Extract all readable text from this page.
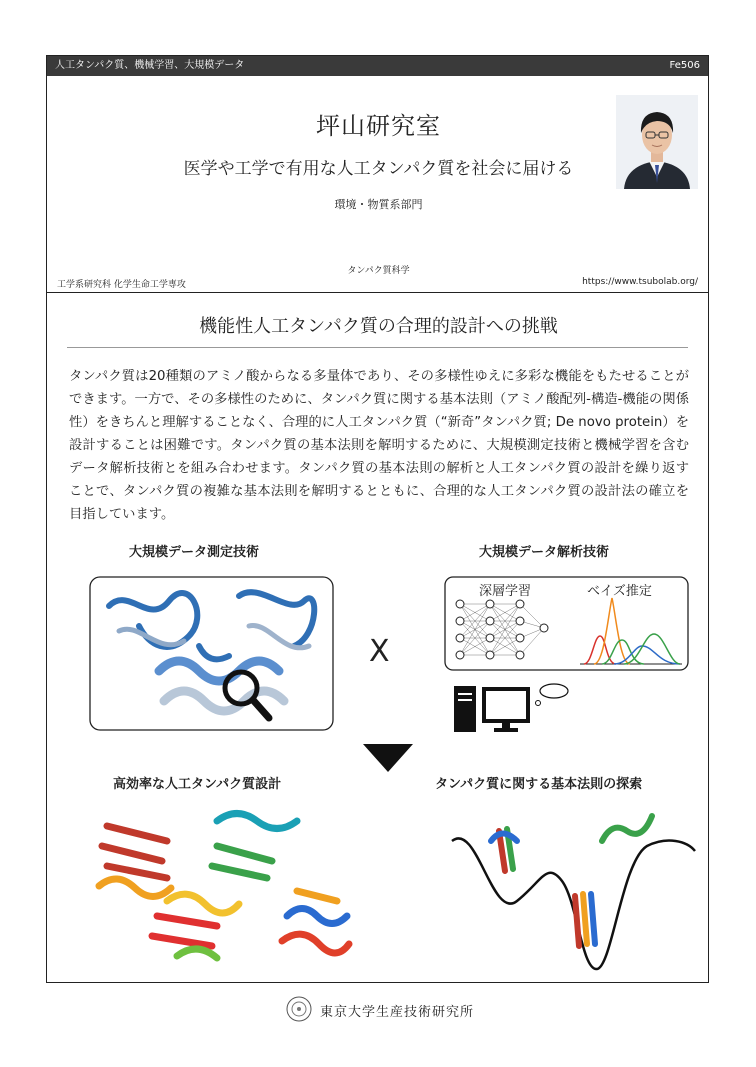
人工タンパク質、機械学習、大規模データ	Fe506
坪山研究室
医学や工学で有用な人工タンパク質を社会に届ける
環境・物質系部門
タンパク質科学
工学系研究科 化学生命工学専攻	https://www.tsubolab.org/
機能性人工タンパク質の合理的設計への挑戦
タンパク質は20種類のアミノ酸からなる多量体であり、その多様性ゆえに多彩な機能をもたせることができます。一方で、その多様性のために、タンパク質に関する基本法則（アミノ酸配列-構造-機能の関係性）をきちんと理解することなく、合理的に人工タンパク質（“新奇”タンパク質; De novo protein）を設計することは困難です。タンパク質の基本法則を解明するために、大規模測定技術と機械学習を含むデータ解析技術とを組み合わせます。タンパク質の基本法則の解析と人工タンパク質の設計を繰り返すことで、タンパク質の複雑な基本法則を解明するとともに、合理的な人工タンパク質の設計法の確立を目指しています。
大規模データ測定技術	大規模データ解析技術
深層学習	ベイズ推定
X
高効率な人工タンパク質設計	タンパク質に関する基本法則の探索
東京大学生産技術研究所
